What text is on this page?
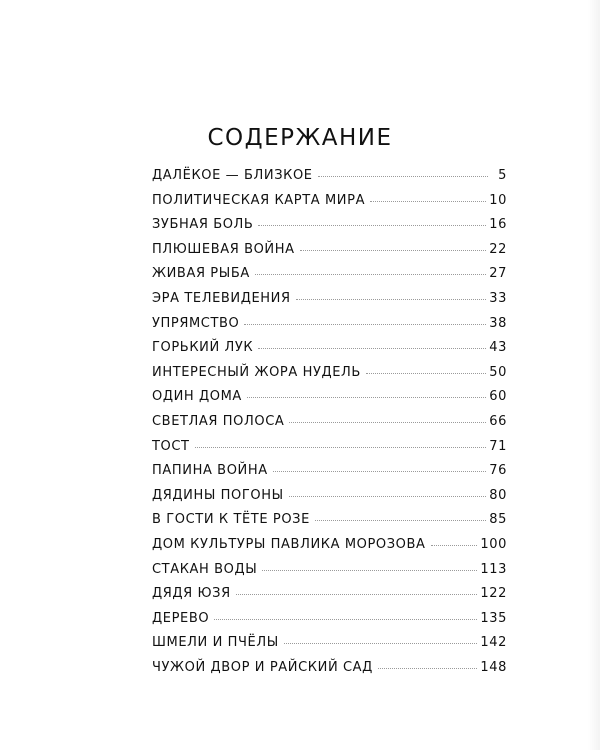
СОДЕРЖАНИЕ
ДАЛЁКОЕ — БЛИЗКОЕ	5
ПОЛИТИЧЕСКАЯ КАРТА МИРА	10
ЗУБНАЯ БОЛЬ	16
ПЛЮШЕВАЯ ВОЙНА	22
ЖИВАЯ РЫБА	27
ЭРА ТЕЛЕВИДЕНИЯ	33
УПРЯМСТВО	38
ГОРЬКИЙ ЛУК	43
ИНТЕРЕСНЫЙ ЖОРА НУДЕЛЬ	50
ОДИН ДОМА	60
СВЕТЛАЯ ПОЛОСА	66
ТОСТ	71
ПАПИНА ВОЙНА	76
ДЯДИНЫ ПОГОНЫ	80
В ГОСТИ К ТЁТЕ РОЗЕ	85
ДОМ КУЛЬТУРЫ ПАВЛИКА МОРОЗОВА	100
СТАКАН ВОДЫ	113
ДЯДЯ ЮЗЯ	122
ДЕРЕВО	135
ШМЕЛИ И ПЧЁЛЫ	142
ЧУЖОЙ ДВОР И РАЙСКИЙ САД	148
